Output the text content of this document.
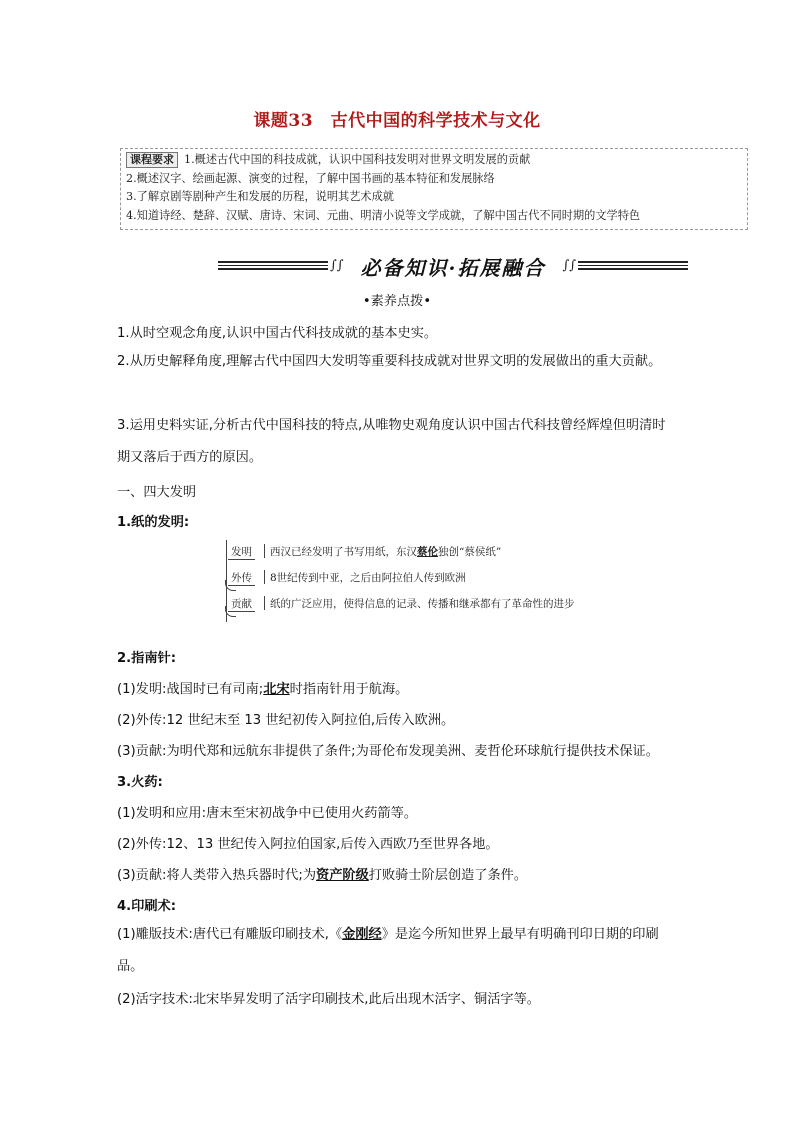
课题33　古代中国的科学技术与文化
课程要求 1.概述古代中国的科技成就，认识中国科技发明对世界文明发展的贡献
2.概述汉字、绘画起源、演变的过程，了解中国书画的基本特征和发展脉络
3.了解京剧等剧种产生和发展的历程，说明其艺术成就
4.知道诗经、楚辞、汉赋、唐诗、宋词、元曲、明清小说等文学成就，了解中国古代不同时期的文学特色
∫∫ 必备知识·拓展融合	∫∫
•素养点拨•
1.从时空观念角度,认识中国古代科技成就的基本史实。
2.从历史解释角度,理解古代中国四大发明等重要科技成就对世界文明的发展做出的重大贡献。
3.运用史料实证,分析古代中国科技的特点,从唯物史观角度认识中国古代科技曾经辉煌但明清时期又落后于西方的原因。
一、四大发明
1.纸的发明:
发明 西汉已经发明了书写用纸，东汉蔡伦独创“蔡侯纸”
外传 8世纪传到中亚，之后由阿拉伯人传到欧洲
贡献 纸的广泛应用，使得信息的记录、传播和继承都有了革命性的进步
2.指南针:
(1)发明:战国时已有司南;北宋时指南针用于航海。
(2)外传:12 世纪末至 13 世纪初传入阿拉伯,后传入欧洲。
(3)贡献:为明代郑和远航东非提供了条件;为哥伦布发现美洲、麦哲伦环球航行提供技术保证。
3.火药:
(1)发明和应用:唐末至宋初战争中已使用火药箭等。
(2)外传:12、13 世纪传入阿拉伯国家,后传入西欧乃至世界各地。
(3)贡献:将人类带入热兵器时代;为资产阶级打败骑士阶层创造了条件。
4.印刷术:
(1)雕版技术:唐代已有雕版印刷技术,《金刚经》是迄今所知世界上最早有明确刊印日期的印刷品。
(2)活字技术:北宋毕昇发明了活字印刷技术,此后出现木活字、铜活字等。
